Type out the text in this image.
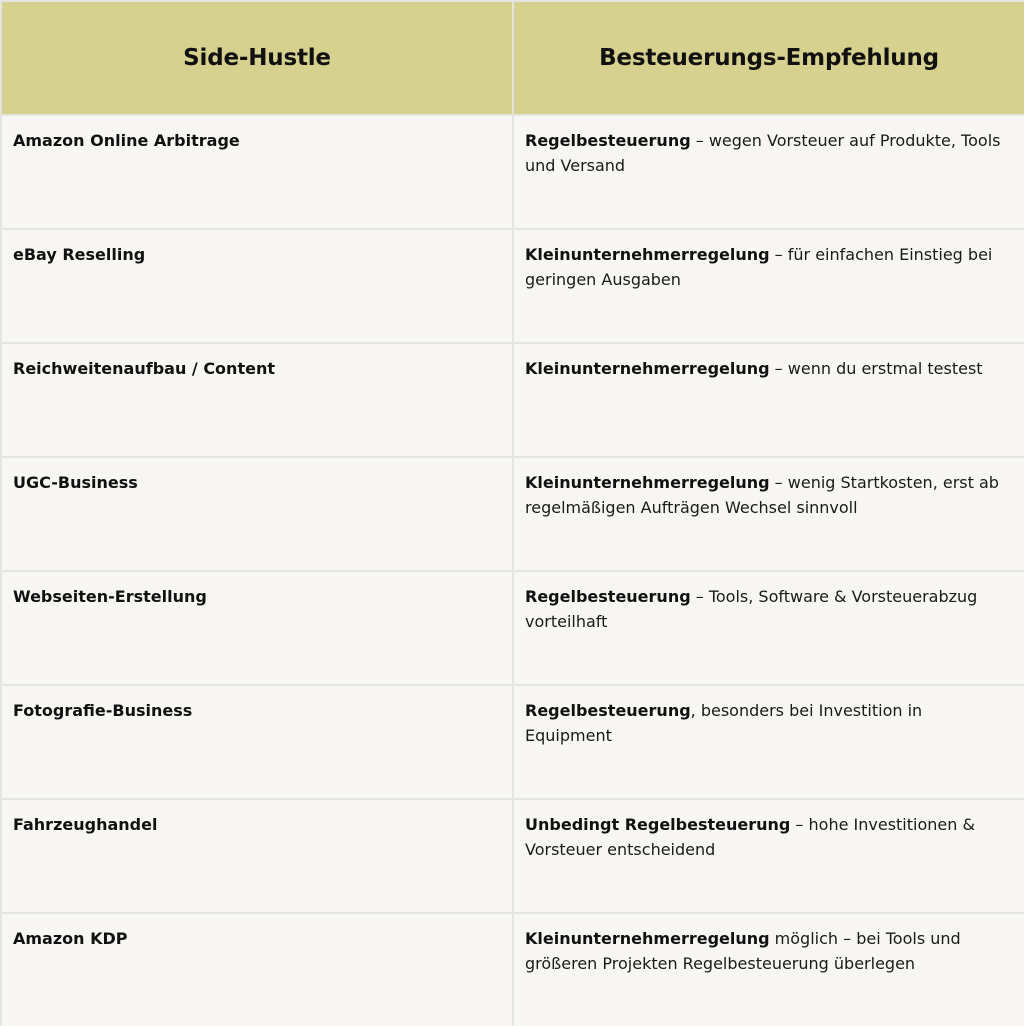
Side-Hustle	Besteuerungs-Empfehlung
Amazon Online Arbitrage	Regelbesteuerung – wegen Vorsteuer auf Produkte, Tools und Versand
eBay Reselling	Kleinunternehmerregelung – für einfachen Einstieg bei geringen Ausgaben
Reichweitenaufbau / Content	Kleinunternehmerregelung – wenn du erstmal testest
UGC-Business	Kleinunternehmerregelung – wenig Startkosten, erst ab regelmäßigen Aufträgen Wechsel sinnvoll
Webseiten-Erstellung	Regelbesteuerung – Tools, Software & Vorsteuerabzug vorteilhaft
Fotografie-Business	Regelbesteuerung, besonders bei Investition in Equipment
Fahrzeughandel	Unbedingt Regelbesteuerung – hohe Investitionen & Vorsteuer entscheidend
Amazon KDP	Kleinunternehmerregelung möglich – bei Tools und größeren Projekten Regelbesteuerung überlegen
